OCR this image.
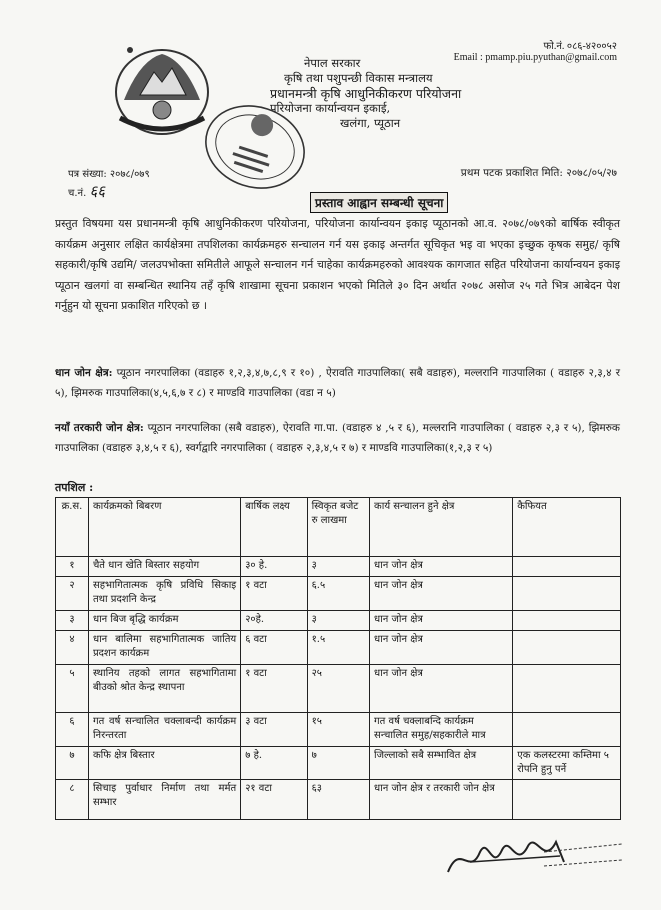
फो.नं. ०८६-४२००५२
Email : pmamp.piu.pyuthan@gmail.com
नेपाल सरकार
कृषि तथा पशुपन्छी विकास मन्त्रालय
प्रधानमन्त्री कृषि आधुनिकीकरण परियोजना
परियोजना कार्यान्वयन इकाई,
खलंगा, प्यूठान
पत्र संख्या: २०७८/०७९
च.नं. ६६
प्रथम पटक प्रकाशित मिति: २०७८/०५/२७
प्रस्ताव आह्वान सम्बन्धी सूचना
प्रस्तुत विषयमा यस प्रधानमन्त्री कृषि आधुनिकीकरण परियोजना, परियोजना कार्यान्वयन इकाइ प्यूठानको आ.व. २०७८/०७९को बार्षिक स्वीकृत कार्यक्रम अनुसार लक्षित कार्यक्षेत्रमा तपशिलका कार्यक्रमहरु सन्चालन गर्न यस इकाइ अन्तर्गत सूचिकृत भइ वा भएका इच्छुक कृषक समुह/ कृषि सहकारी/कृषि उद्यमि/ जलउपभोक्ता समितीले आफूले सन्चालन गर्न चाहेका कार्यक्रमहरुको आवश्यक कागजात सहित परियोजना कार्यान्वयन इकाइ प्यूठान खलगां वा सम्बन्धित स्थानिय तहँ कृषि शाखामा सूचना प्रकाशन भएको मितिले ३० दिन अर्थात २०७८ असोज २५ गते भित्र आबेदन पेश गर्नुहुन यो सूचना प्रकाशित गरिएको छ ।
धान जोन क्षेत्र: प्यूठान नगरपालिका (वडाहरु १,२,३,४,७,८,९ र १०) , ऐरावति गाउपालिका( सबै वडाहरु), मल्लरानि गाउपालिका ( वडाहरु २,३,४ र ५), झिमरुक गाउपालिका(४,५,६,७ र ८) र माण्डवि गाउपालिका (वडा न ५)
नयाँ तरकारी जोन क्षेत्र: प्यूठान नगरपालिका (सबै वडाहरु), ऐरावति गा.पा. (वडाहरु ४ ,५ र ६), मल्लरानि गाउपालिका ( वडाहरु २,३ र ५), झिमरुक गाउपालिका (वडाहरु ३,४,५ र ६), स्वर्गद्वारि नगरपालिका ( वडाहरु २,३,४,५ र ७) र माण्डवि गाउपालिका(१,२,३ र ५)
तपशिल :
क्र.स.	कार्यक्रमको बिबरण	बार्षिक लक्ष्य	स्विकृत बजेट रु लाखमा	कार्य सन्चालन हुने क्षेत्र	कैफियत
१	चैते धान खेति बिस्तार सहयोग	३० हे.	३	धान जोन क्षेत्र	
२	सहभागितात्मक कृषि प्रविधि सिकाइ तथा प्रदशनि केन्द्र	१ वटा	६.५	धान जोन क्षेत्र	
३	धान बिज बृद्धि कार्यक्रम	२०हे.	३	धान जोन क्षेत्र	
४	धान बालिमा सहभागितात्मक जातिय प्रदशन कार्यक्रम	६ वटा	१.५	धान जोन क्षेत्र	
५	स्थानिय तहको लागत सहभागितामा बीउको श्रोत केन्द्र स्थापना	१ वटा	२५	धान जोन क्षेत्र	
६	गत वर्ष सन्चालित चक्लाबन्दी कार्यक्रम निरन्तरता	३ वटा	१५	गत वर्ष चक्लाबन्दि कार्यक्रम सन्चालित समुह/सहकारीले मात्र	
७	कफि क्षेत्र बिस्तार	७ हे.	७	जिल्लाको सबै सम्भावित क्षेत्र	एक कलस्टरमा कम्तिमा ५ रोपनि हुनु पर्ने
८	सिचाइ पुर्वाधार निर्माण तथा मर्मत सम्भार	२१ वटा	६३	धान जोन क्षेत्र र तरकारी जोन क्षेत्र	
